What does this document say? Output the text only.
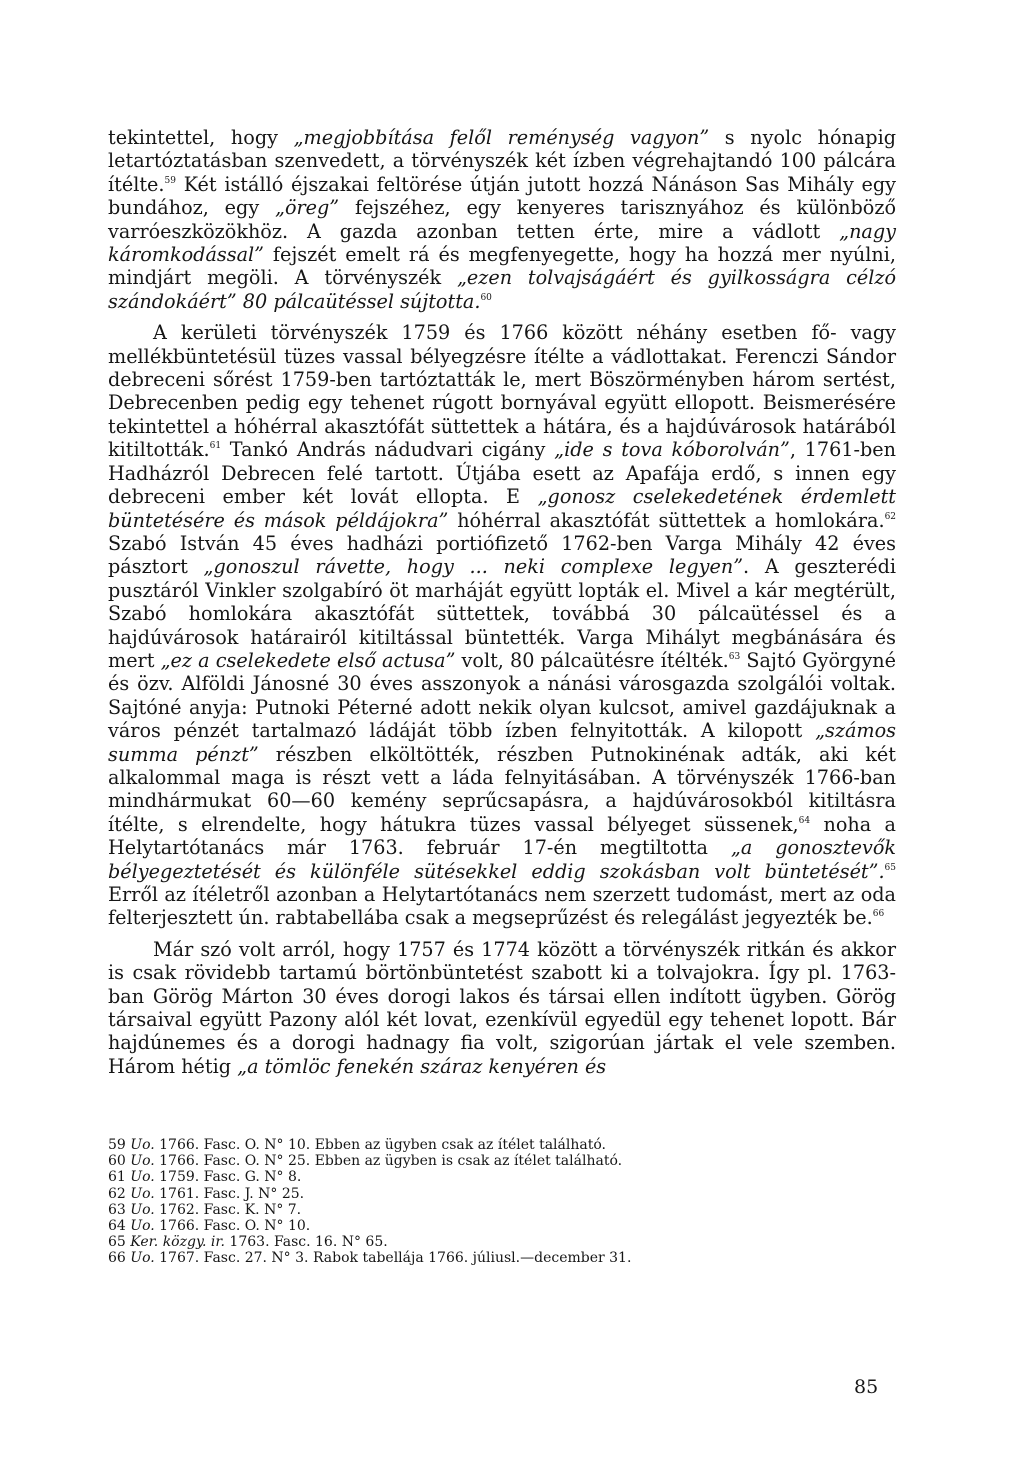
tekintettel, hogy „megjobbítása felől reménység vagyon” s nyolc hónapig letartóztatásban szenvedett, a törvényszék két ízben végrehajtandó 100 pálcára ítélte.$^{59}$ Két istálló éjszakai feltörése útján jutott hozzá Nánáson Sas Mihály egy bundához, egy „öreg” fejszéhez, egy kenyeres tarisznyához és különböző varróeszközökhöz. A gazda azonban tetten érte, mire a vádlott „nagy káromkodással” fejszét emelt rá és megfenyegette, hogy ha hozzá mer nyúlni, mindjárt megöli. A törvényszék „ezen tolvajságáért és gyilkosságra célzó szándokáért” 80 pálcaütéssel sújtotta.$^{60}$

A kerületi törvényszék 1759 és 1766 között néhány esetben fő- vagy mellékbüntetésül tüzes vassal bélyegzésre ítélte a vádlottakat. Ferenczi Sándor debreceni sőrést 1759-ben tartóztatták le, mert Böszörményben három sertést, Debrecenben pedig egy tehenet rúgott bornyával együtt ellopott. Beismerésére tekintettel a hóhérral akasztófát süttettek a hátára, és a hajdúvárosok határából kitiltották.$^{61}$ Tankó András nádudvari cigány „ide s tova kóborolván”, 1761-ben Hadházról Debrecen felé tartott. Útjába esett az Apafája erdő, s innen egy debreceni ember két lovát ellopta. E „gonosz cselekedetének érdemlett büntetésére és mások példájokra” hóhérral akasztófát süttettek a homlokára.$^{62}$ Szabó István 45 éves hadházi portiófizető 1762-ben Varga Mihály 42 éves pásztort „gonoszul rávette, hogy ... neki complexe legyen”. A geszterédi pusztáról Vinkler szolgabíró öt marháját együtt lopták el. Mivel a kár megtérült, Szabó homlokára akasztófát süttettek, továbbá 30 pálcaütéssel és a hajdúvárosok határairól kitiltással büntették. Varga Mihályt megbánására és mert „ez a cselekedete első actusa” volt, 80 pálcaütésre ítélték.$^{63}$ Sajtó Györgyné és özv. Alföldi Jánosné 30 éves asszonyok a nánási városgazda szolgálói voltak. Sajtóné anyja: Putnoki Péterné adott nekik olyan kulcsot, amivel gazdájuknak a város pénzét tartalmazó ládáját több ízben felnyitották. A kilopott „számos summa pénzt” részben elköltötték, részben Putnokinénak adták, aki két alkalommal maga is részt vett a láda felnyitásában. A törvényszék 1766-ban mindhármukat 60—60 kemény seprűcsapásra, a hajdúvárosokból kitiltásra ítélte, s elrendelte, hogy hátukra tüzes vassal bélyeget süssenek,$^{64}$ noha a Helytartótanács már 1763. február 17-én megtiltotta „a gonosztevők bélyegeztetését és különféle sütésekkel eddig szokásban volt büntetését”.$^{65}$ Erről az ítéletről azonban a Helytartótanács nem szerzett tudomást, mert az oda felterjesztett ún. rabtabellába csak a megseprűzést és relegálást jegyezték be.$^{66}$

Már szó volt arról, hogy 1757 és 1774 között a törvényszék ritkán és akkor is csak rövidebb tartamú börtönbüntetést szabott ki a tolvajokra. Így pl. 1763-ban Görög Márton 30 éves dorogi lakos és társai ellen indított ügyben. Görög társaival együtt Pazony alól két lovat, ezenkívül egyedül egy tehenet lopott. Bár hajdúnemes és a dorogi hadnagy fia volt, szigorúan jártak el vele szemben. Három hétig „a tömlöc fenekén száraz kenyéren és

59 Uo. 1766. Fasc. O. N° 10. Ebben az ügyben csak az ítélet található.
60 Uo. 1766. Fasc. O. N° 25. Ebben az ügyben is csak az ítélet található.
61 Uo. 1759. Fasc. G. N° 8.
62 Uo. 1761. Fasc. J. N° 25.
63 Uo. 1762. Fasc. K. N° 7.
64 Uo. 1766. Fasc. O. N° 10.
65 Ker. közgy. ir. 1763. Fasc. 16. N° 65.
66 Uo. 1767. Fasc. 27. N° 3. Rabok tabellája 1766. júliusl.—december 31.
85
